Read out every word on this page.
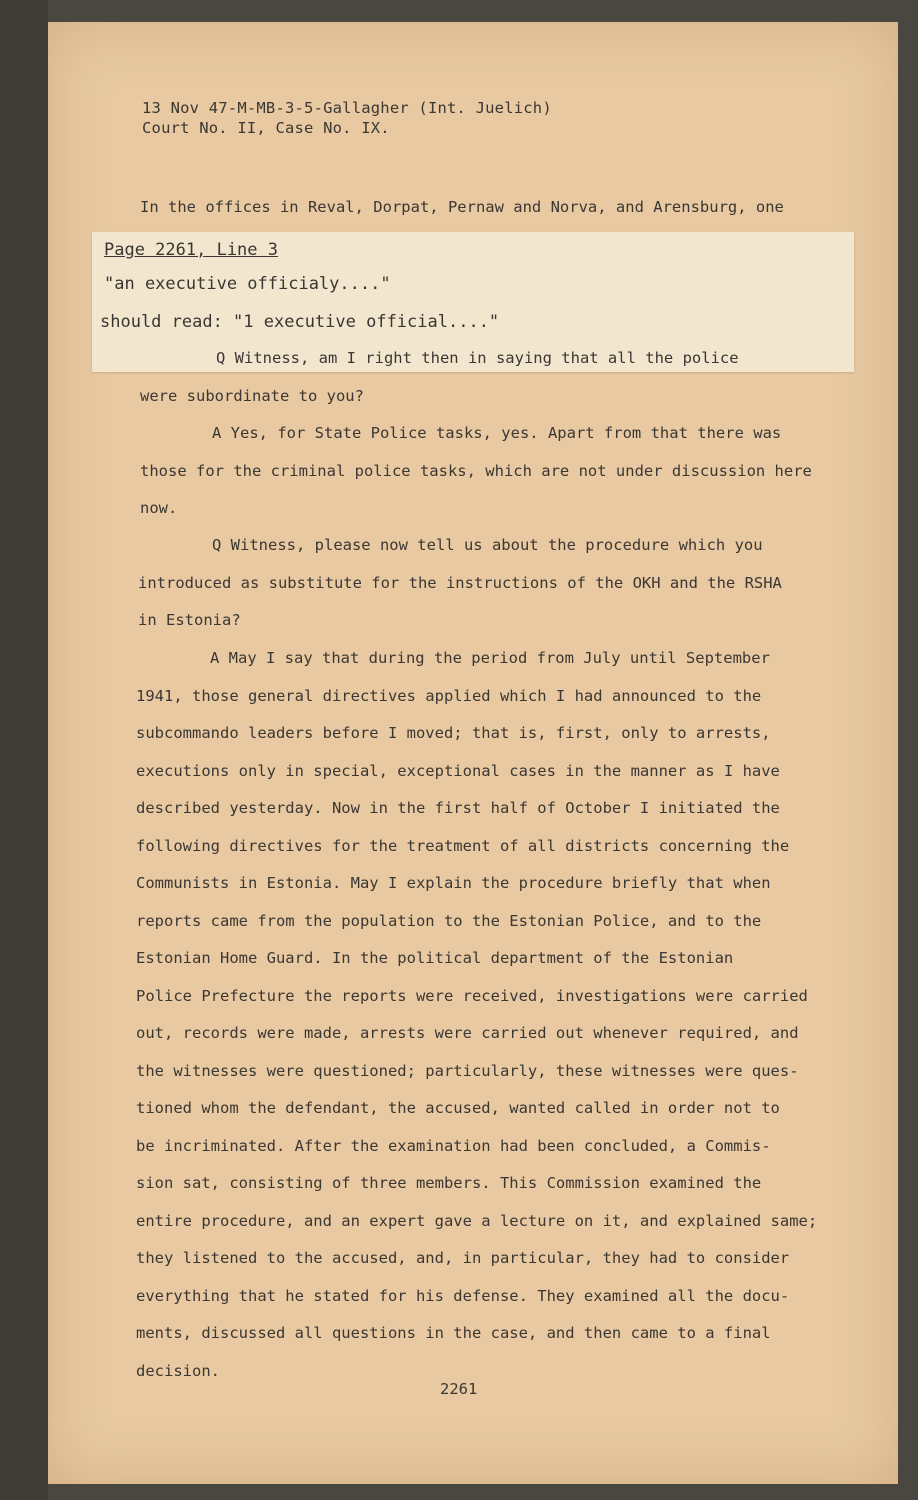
13 Nov 47-M-MB-3-5-Gallagher (Int. Juelich)
Court No. II, Case No. IX.
In the offices in Reval, Dorpat, Pernaw and Norva, and Arensburg, one
Page 2261, Line 3
"an executive officialy...."
should read: "1 executive official...."
Q Witness, am I right then in saying that all the police
were subordinate to you?
A Yes, for State Police tasks, yes. Apart from that there was
those for the criminal police tasks, which are not under discussion here
now.
Q Witness, please now tell us about the procedure which you
introduced as substitute for the instructions of the OKH and the RSHA
in Estonia?
A May I say that during the period from July until September
1941, those general directives applied which I had announced to the
subcommando leaders before I moved; that is, first, only to arrests,
executions only in special, exceptional cases in the manner as I have
described yesterday. Now in the first half of October I initiated the
following directives for the treatment of all districts concerning the
Communists in Estonia. May I explain the procedure briefly that when
reports came from the population to the Estonian Police, and to the
Estonian Home Guard. In the political department of the Estonian
Police Prefecture the reports were received, investigations were carried
out, records were made, arrests were carried out whenever required, and
the witnesses were questioned; particularly, these witnesses were ques-
tioned whom the defendant, the accused, wanted called in order not to
be incriminated. After the examination had been concluded, a Commis-
sion sat, consisting of three members. This Commission examined the
entire procedure, and an expert gave a lecture on it, and explained same;
they listened to the accused, and, in particular, they had to consider
everything that he stated for his defense. They examined all the docu-
ments, discussed all questions in the case, and then came to a final
decision.
2261
